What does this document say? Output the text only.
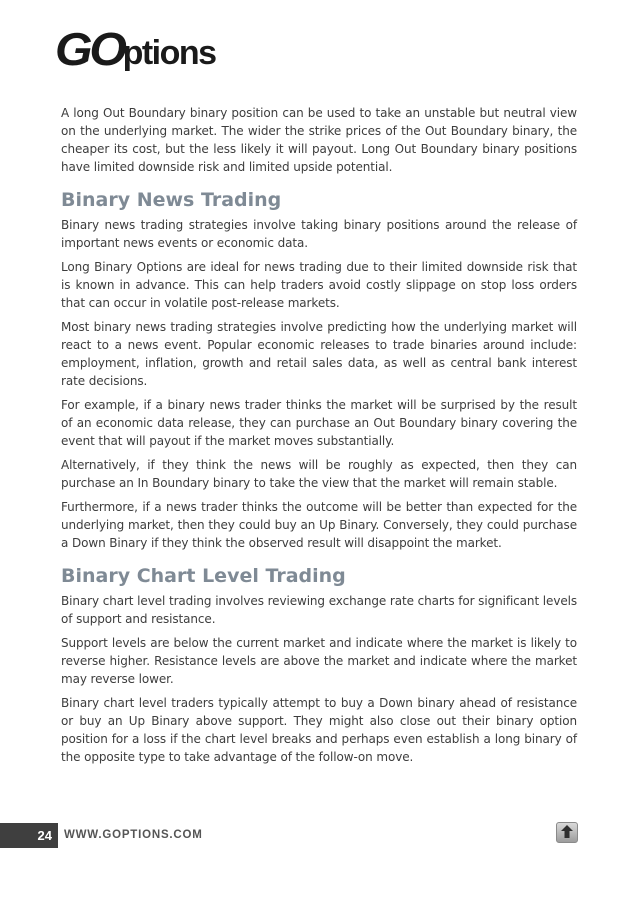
GO
ptions

A long Out Boundary binary position can be used to take an unstable but neutral view on the underlying market. The wider the strike prices of the Out Boundary binary, the cheaper its cost, but the less likely it will payout. Long Out Boundary binary positions have limited downside risk and limited upside potential.

Binary News Trading

Binary news trading strategies involve taking binary positions around the release of important news events or economic data.

Long Binary Options are ideal for news trading due to their limited downside risk that is known in advance. This can help traders avoid costly slippage on stop loss orders that can occur in volatile post-release markets.

Most binary news trading strategies involve predicting how the underlying market will react to a news event. Popular economic releases to trade binaries around include: employment, inflation, growth and retail sales data, as well as central bank interest rate decisions.

For example, if a binary news trader thinks the market will be surprised by the result of an economic data release, they can purchase an Out Boundary binary covering the event that will payout if the market moves substantially.

Alternatively, if they think the news will be roughly as expected, then they can purchase an In Boundary binary to take the view that the market will remain stable.

Furthermore, if a news trader thinks the outcome will be better than expected for the underlying market, then they could buy an Up Binary. Conversely, they could purchase a Down Binary if they think the observed result will disappoint the market.

Binary Chart Level Trading

Binary chart level trading involves reviewing exchange rate charts for significant levels of support and resistance.

Support levels are below the current market and indicate where the market is likely to reverse higher. Resistance levels are above the market and indicate where the market may reverse lower.

Binary chart level traders typically attempt to buy a Down binary ahead of resistance or buy an Up Binary above support. They might also close out their binary option position for a loss if the chart level breaks and perhaps even establish a long binary of the opposite type to take advantage of the follow-on move.

24	WWW.GOPTIONS.COM
